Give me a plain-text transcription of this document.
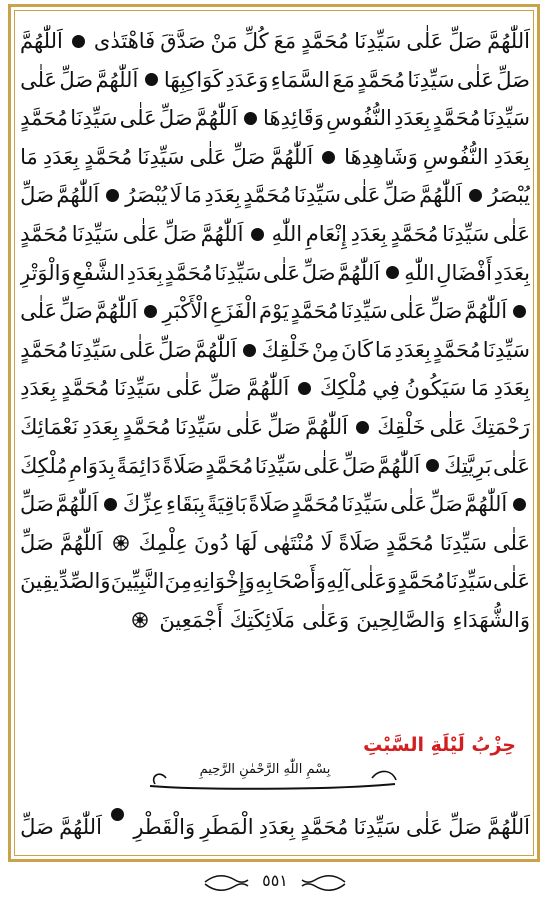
اَللّٰهُمَّ
صَلِّ
عَلٰى
سَيِّدِنَا
مُحَمَّدٍ
مَعَ
كُلِّ
مَنْ
صَدَّقَ
فَاهْتَدٰى
اَللّٰهُمَّ
صَلِّ
عَلٰى
سَيِّدِنَا
مُحَمَّدٍ
مَعَ
السَّمَاءِ
وَعَدَدِ
كَوَاكِبِهَا
اَللّٰهُمَّ
صَلِّ
عَلٰى
سَيِّدِنَا
مُحَمَّدٍ
بِعَدَدِ
النُّفُوسِ
وَقَائِدِهَا
اَللّٰهُمَّ
صَلِّ
عَلٰى
سَيِّدِنَا
مُحَمَّدٍ
بِعَدَدِ
النُّفُوسِ
وَشَاهِدِهَا
اَللّٰهُمَّ
صَلِّ
عَلٰى
سَيِّدِنَا
مُحَمَّدٍ
بِعَدَدِ
مَا
يُبْصَرُ
اَللّٰهُمَّ
صَلِّ
عَلٰى
سَيِّدِنَا
مُحَمَّدٍ
بِعَدَدِ
مَا
لَا
يُبْصَرُ
اَللّٰهُمَّ
صَلِّ
عَلٰى
سَيِّدِنَا
مُحَمَّدٍ
بِعَدَدِ
إِنْعَامِ
اللّٰهِ
اَللّٰهُمَّ
صَلِّ
عَلٰى
سَيِّدِنَا
مُحَمَّدٍ
بِعَدَدِ
أَفْضَالِ
اللّٰهِ
اَللّٰهُمَّ
صَلِّ
عَلٰى
سَيِّدِنَا
مُحَمَّدٍ
بِعَدَدِ
الشَّفْعِ
وَالْوَتْرِ
اَللّٰهُمَّ
صَلِّ
عَلٰى
سَيِّدِنَا
مُحَمَّدٍ
يَوْمَ
الْفَزَعِ
الْأَكْبَرِ
اَللّٰهُمَّ
صَلِّ
عَلٰى
سَيِّدِنَا
مُحَمَّدٍ
بِعَدَدِ
مَا
كَانَ
مِنْ
خَلْقِكَ
اَللّٰهُمَّ
صَلِّ
عَلٰى
سَيِّدِنَا
مُحَمَّدٍ
بِعَدَدِ
مَا
سَيَكُونُ
فِي
مُلْكِكَ
اَللّٰهُمَّ
صَلِّ
عَلٰى
سَيِّدِنَا
مُحَمَّدٍ
بِعَدَدِ
رَحْمَتِكَ
عَلٰى
خَلْقِكَ
اَللّٰهُمَّ
صَلِّ
عَلٰى
سَيِّدِنَا
مُحَمَّدٍ
بِعَدَدِ
نَعْمَائِكَ
عَلٰى
بَرِيَّتِكَ
اَللّٰهُمَّ
صَلِّ
عَلٰى
سَيِّدِنَا
مُحَمَّدٍ
صَلَاةً
دَائِمَةً
بِدَوَامِ
مُلْكِكَ
اَللّٰهُمَّ
صَلِّ
عَلٰى
سَيِّدِنَا
مُحَمَّدٍ
صَلَاةً
بَاقِيَةً
بِبَقَاءِ
عِزِّكَ
اَللّٰهُمَّ
صَلِّ
عَلٰى
سَيِّدِنَا
مُحَمَّدٍ
صَلَاةً
لَا
مُنْتَهٰى
لَهَا
دُونَ
عِلْمِكَ
اَللّٰهُمَّ
صَلِّ
عَلٰى
سَيِّدِنَا
مُحَمَّدٍ
وَعَلٰى
آلِهِ
وَأَصْحَابِهِ
وَإِخْوَانِهِ
مِنَ
النَّبِيِّينَ
وَالصِّدِّيقِينَ
وَالشُّهَدَاءِ
وَالصَّالِحِينَ
وَعَلٰى
مَلَائِكَتِكَ
أَجْمَعِينَ
حِزْبُ لَيْلَةِ السَّبْتِ
بِسْمِ اللّٰهِ الرَّحْمٰنِ الرَّحِيمِ
اَللّٰهُمَّ
صَلِّ
عَلٰى
سَيِّدِنَا
مُحَمَّدٍ
بِعَدَدِ
الْمَطَرِ
وَالْقَطْرِ
اَللّٰهُمَّ
صَلِّ
٥٥١
